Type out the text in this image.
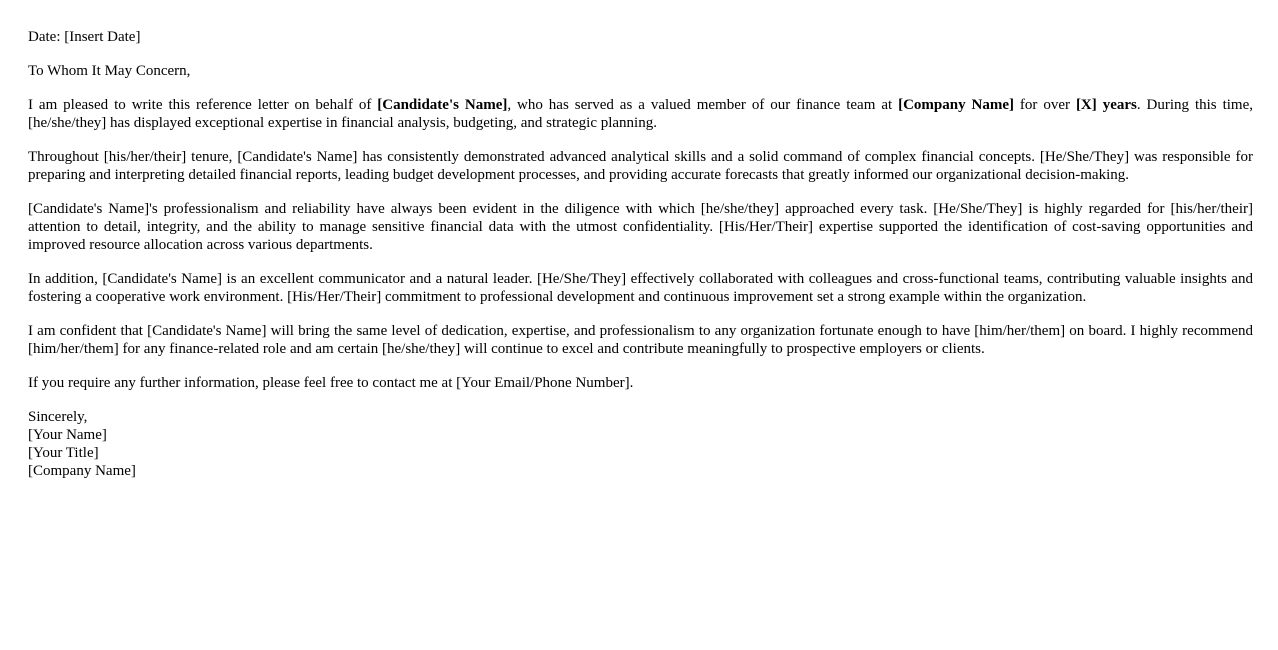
Date: [Insert Date]

To Whom It May Concern,

I am pleased to write this reference letter on behalf of [Candidate's Name], who has served as a valued member of our finance team at [Company Name] for over [X] years. During this time, [he/she/they] has displayed exceptional expertise in financial analysis, budgeting, and strategic planning.

Throughout [his/her/their] tenure, [Candidate's Name] has consistently demonstrated advanced analytical skills and a solid command of complex financial concepts. [He/She/They] was responsible for preparing and interpreting detailed financial reports, leading budget development processes, and providing accurate forecasts that greatly informed our organizational decision-making.

[Candidate's Name]'s professionalism and reliability have always been evident in the diligence with which [he/she/they] approached every task. [He/She/They] is highly regarded for [his/her/their] attention to detail, integrity, and the ability to manage sensitive financial data with the utmost confidentiality. [His/Her/Their] expertise supported the identification of cost-saving opportunities and improved resource allocation across various departments.

In addition, [Candidate's Name] is an excellent communicator and a natural leader. [He/She/They] effectively collaborated with colleagues and cross-functional teams, contributing valuable insights and fostering a cooperative work environment. [His/Her/Their] commitment to professional development and continuous improvement set a strong example within the organization.

I am confident that [Candidate's Name] will bring the same level of dedication, expertise, and professionalism to any organization fortunate enough to have [him/her/them] on board. I highly recommend [him/her/them] for any finance-related role and am certain [he/she/they] will continue to excel and contribute meaningfully to prospective employers or clients.

If you require any further information, please feel free to contact me at [Your Email/Phone Number].

Sincerely,
[Your Name]
[Your Title]
[Company Name]
